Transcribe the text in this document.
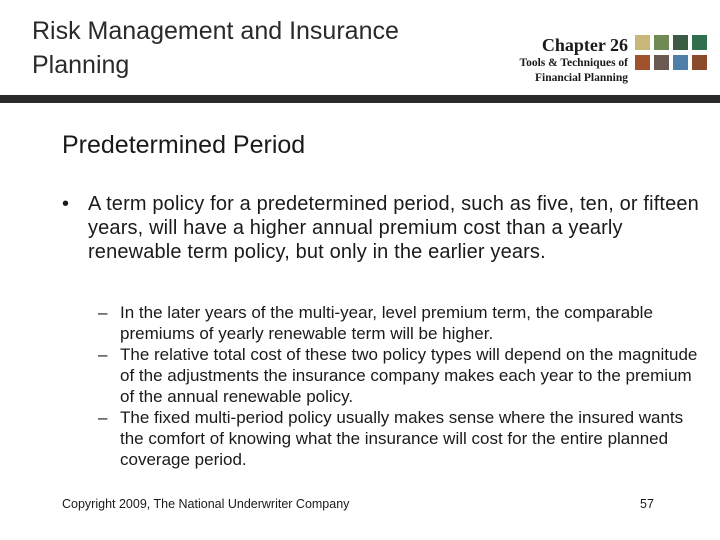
Risk Management and Insurance
Planning
Chapter 26
Tools & Techniques of
Financial Planning
Predetermined Period
• A term policy for a predetermined period, such as five, ten, or fifteen years, will have a higher annual premium cost than a yearly renewable term policy, but only in the earlier years.
– In the later years of the multi-year, level premium term, the comparable premiums of yearly renewable term will be higher.
– The relative total cost of these two policy types will depend on the magnitude of the adjustments the insurance company makes each year to the premium of the annual renewable policy.
– The fixed multi-period policy usually makes sense where the insured wants the comfort of knowing what the insurance will cost for the entire planned coverage period.
Copyright 2009, The National Underwriter Company	57
